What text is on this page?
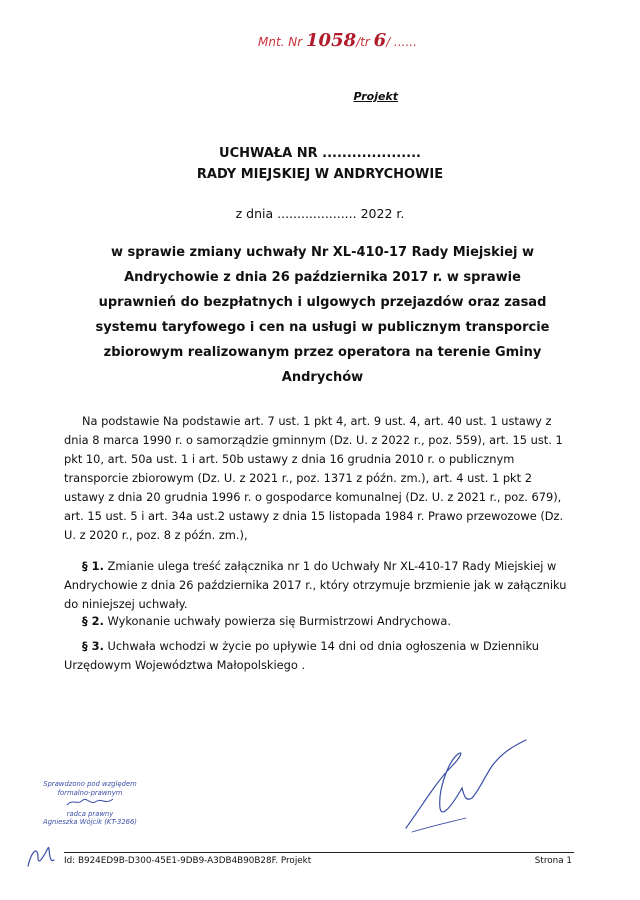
Mnt. Nr 1058/tr 6/ ......
Projekt
UCHWAŁA NR ....................
RADY MIEJSKIEJ W ANDRYCHOWIE
z dnia .................... 2022 r.
w sprawie zmiany uchwały Nr XL-410-17 Rady Miejskiej w Andrychowie z dnia 26 października 2017 r. w sprawie uprawnień do bezpłatnych i ulgowych przejazdów oraz zasad systemu taryfowego i cen na usługi w publicznym transporcie zbiorowym realizowanym przez operatora na terenie Gminy Andrychów
Na podstawie Na podstawie art. 7 ust. 1 pkt 4, art. 9 ust. 4, art. 40 ust. 1 ustawy z dnia 8 marca 1990 r. o samorządzie gminnym (Dz. U. z 2022 r., poz. 559), art. 15 ust. 1 pkt 10, art. 50a ust. 1 i art. 50b ustawy z dnia 16 grudnia 2010 r. o publicznym transporcie zbiorowym (Dz. U. z 2021 r., poz. 1371 z późn. zm.), art. 4 ust. 1 pkt 2 ustawy z dnia 20 grudnia 1996 r. o gospodarce komunalnej (Dz. U. z 2021 r., poz. 679), art. 15 ust. 5 i art. 34a ust.2 ustawy z dnia 15 listopada 1984 r. Prawo przewozowe (Dz. U. z 2020 r., poz. 8 z późn. zm.),
§ 1. Zmianie ulega treść załącznika nr 1 do Uchwały Nr XL-410-17 Rady Miejskiej w Andrychowie z dnia 26 października 2017 r., który otrzymuje brzmienie jak w załączniku do niniejszej uchwały.
§ 2. Wykonanie uchwały powierza się Burmistrzowi Andrychowa.
§ 3. Uchwała wchodzi w życie po upływie 14 dni od dnia ogłoszenia w Dzienniku Urzędowym Województwa Małopolskiego .
Sprawdzono pod względem
formalno-prawnym
radca prawny
Agnieszka Wójcik (KT-3266)
Id: B924ED9B-D300-45E1-9DB9-A3DB4B90B28F. Projekt	Strona 1
